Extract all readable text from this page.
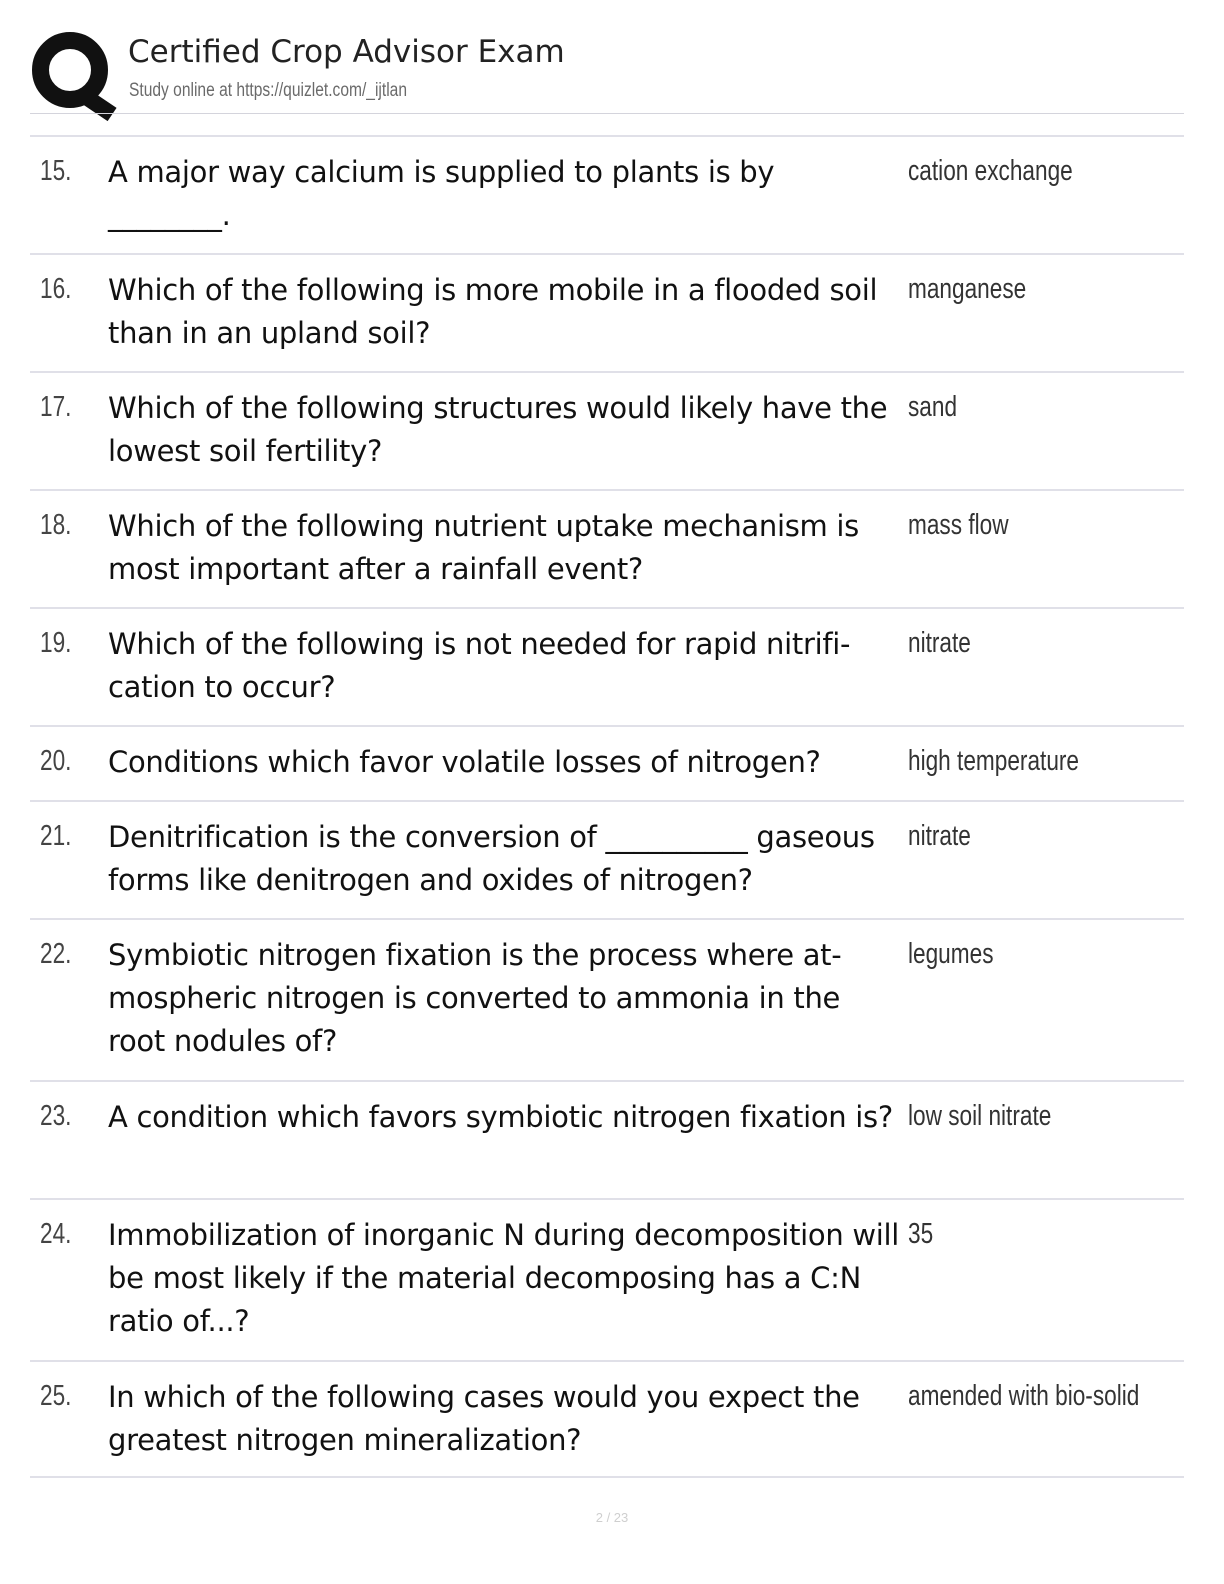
Certified Crop Advisor Exam
Study online at https://quizlet.com/_ijtlan
15. A major way calcium is supplied to plants is by ________.
cation exchange
16. Which of the following is more mobile in a flooded soil than in an upland soil?
manganese
17. Which of the following structures would likely have the lowest soil fertility?
sand
18. Which of the following nutrient uptake mechanism is most important after a rainfall event?
mass flow
19. Which of the following is not needed for rapid nitrifi-cation to occur?
nitrate
20. Conditions which favor volatile losses of nitrogen?	high temperature
21. Denitrification is the conversion of __________ gaseous forms like denitrogen and oxides of nitrogen?
nitrate
22. Symbiotic nitrogen fixation is the process where at-mospheric nitrogen is converted to ammonia in the root nodules of?
legumes
23. A condition which favors symbiotic nitrogen fixation is? low soil nitrate
24. Immobilization of inorganic N during decomposition will be most likely if the material decomposing has a C:N ratio of...?
35
25. In which of the following cases would you expect the greatest nitrogen mineralization?
amended with bio-solid
2 / 23
